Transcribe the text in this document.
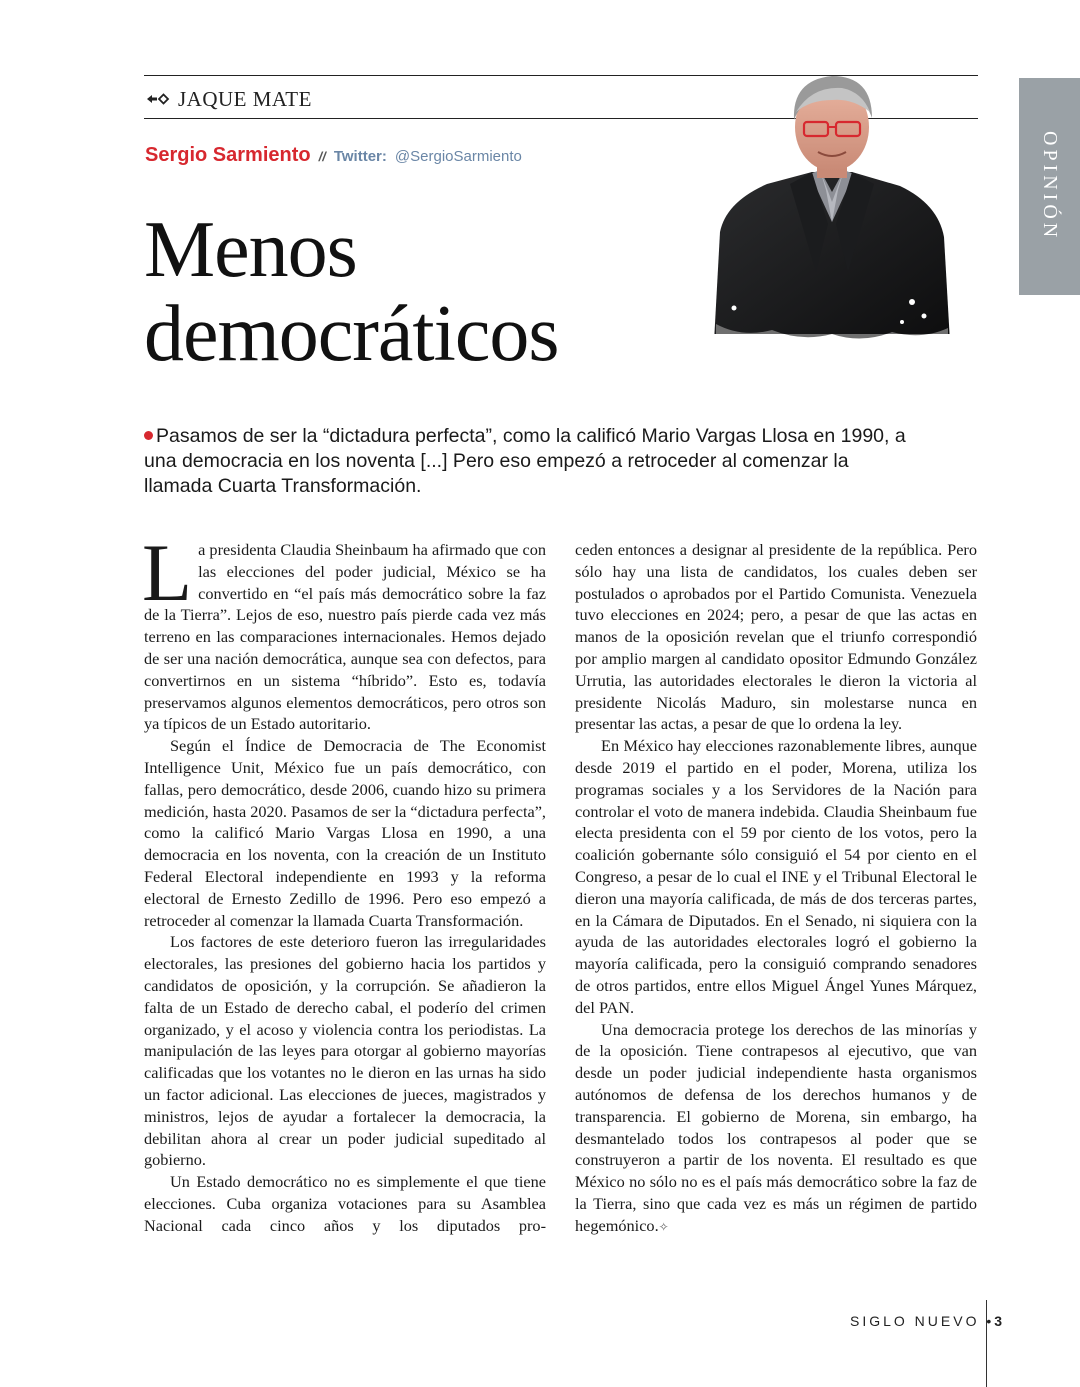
JAQUE MATE
Sergio Sarmiento // Twitter: @SergioSarmiento
Menos
democráticos
OPINIÓN

Pasamos de ser la “dictadura perfecta”, como la calificó Mario Vargas Llosa en 1990, a una democracia en los noventa [...] Pero eso empezó a retroceder al comenzar la llamada Cuarta Transformación.

La presidenta Claudia Sheinbaum ha afirmado que con las elecciones del poder judicial, México se ha convertido en “el país más democrático sobre la faz de la Tierra”. Lejos de eso, nuestro país pierde cada vez más terreno en las comparaciones internacionales. Hemos dejado de ser una nación democrática, aunque sea con defectos, para convertirnos en un sistema “híbrido”. Esto es, todavía preservamos algunos elementos democráticos, pero otros son ya típicos de un Estado autoritario.

Según el Índice de Democracia de The Economist Intelligence Unit, México fue un país democrático, con fallas, pero democrático, desde 2006, cuando hizo su primera medición, hasta 2020. Pasamos de ser la “dictadura perfecta”, como la calificó Mario Vargas Llosa en 1990, a una democracia en los noventa, con la creación de un Instituto Federal Electoral independiente en 1993 y la reforma electoral de Ernesto Zedillo de 1996. Pero eso empezó a retroceder al comenzar la llamada Cuarta Transformación.

Los factores de este deterioro fueron las irregularidades electorales, las presiones del gobierno hacia los partidos y candidatos de oposición, y la corrupción. Se añadieron la falta de un Estado de derecho cabal, el poderío del crimen organizado, y el acoso y violencia contra los periodistas. La manipulación de las leyes para otorgar al gobierno mayorías calificadas que los votantes no le dieron en las urnas ha sido un factor adicional. Las elecciones de jueces, magistrados y ministros, lejos de ayudar a fortalecer la democracia, la debilitan ahora al crear un poder judicial supeditado al gobierno.

Un Estado democrático no es simplemente el que tiene elecciones. Cuba organiza votaciones para su Asamblea Nacional cada cinco años y los diputados pro-

ceden entonces a designar al presidente de la república. Pero sólo hay una lista de candidatos, los cuales deben ser postulados o aprobados por el Partido Comunista. Venezuela tuvo elecciones en 2024; pero, a pesar de que las actas en manos de la oposición revelan que el triunfo correspondió por amplio margen al candidato opositor Edmundo González Urrutia, las autoridades electorales le dieron la victoria al presidente Nicolás Maduro, sin molestarse nunca en presentar las actas, a pesar de que lo ordena la ley.

En México hay elecciones razonablemente libres, aunque desde 2019 el partido en el poder, Morena, utiliza los programas sociales y a los Servidores de la Nación para controlar el voto de manera indebida. Claudia Sheinbaum fue electa presidenta con el 59 por ciento de los votos, pero la coalición gobernante sólo consiguió el 54 por ciento en el Congreso, a pesar de lo cual el INE y el Tribunal Electoral le dieron una mayoría calificada, de más de dos terceras partes, en la Cámara de Diputados. En el Senado, ni siquiera con la ayuda de las autoridades electorales logró el gobierno la mayoría calificada, pero la consiguió comprando senadores de otros partidos, entre ellos Miguel Ángel Yunes Márquez, del PAN.

Una democracia protege los derechos de las minorías y de la oposición. Tiene contrapesos al ejecutivo, que van desde un poder judicial independiente hasta organismos autónomos de defensa de los derechos humanos y de transparencia. El gobierno de Morena, sin embargo, ha desmantelado todos los contrapesos al poder que se construyeron a partir de los noventa. El resultado es que México no sólo no es el país más democrático sobre la faz de la Tierra, sino que cada vez es más un régimen de partido hegemónico.✧

SIGLO NUEVO •3
